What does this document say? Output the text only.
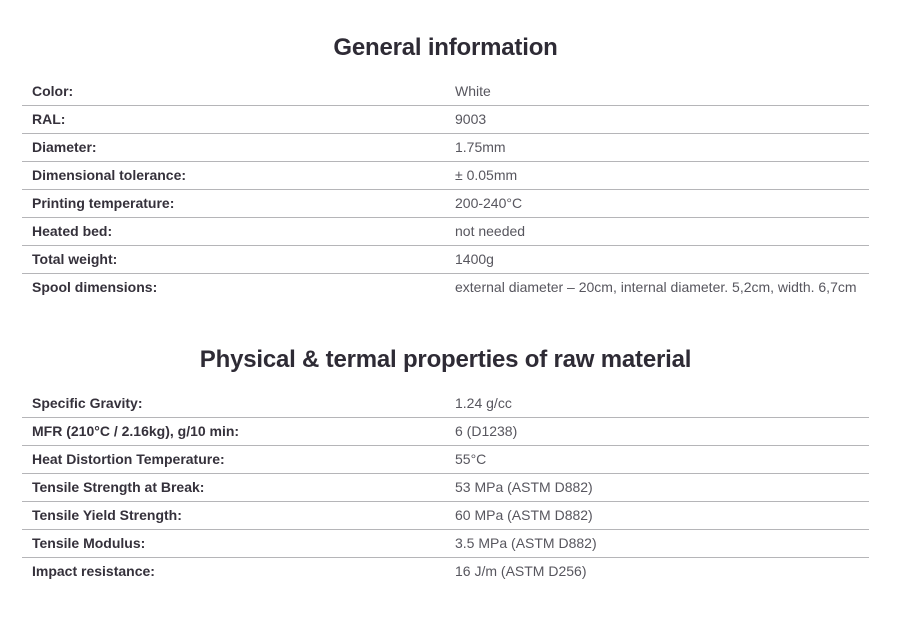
General information
Color:	White
RAL:	9003
Diameter:	1.75mm
Dimensional tolerance:	± 0.05mm
Printing temperature:	200-240°C
Heated bed:	not needed
Total weight:	1400g
Spool dimensions:	external diameter – 20cm, internal diameter. 5,2cm, width. 6,7cm
Physical & termal properties of raw material
Specific Gravity:	1.24 g/cc
MFR (210°C / 2.16kg), g/10 min:	6 (D1238)
Heat Distortion Temperature:	55°C
Tensile Strength at Break:	53 MPa (ASTM D882)
Tensile Yield Strength:	60 MPa (ASTM D882)
Tensile Modulus:	3.5 MPa (ASTM D882)
Impact resistance:	16 J/m (ASTM D256)
